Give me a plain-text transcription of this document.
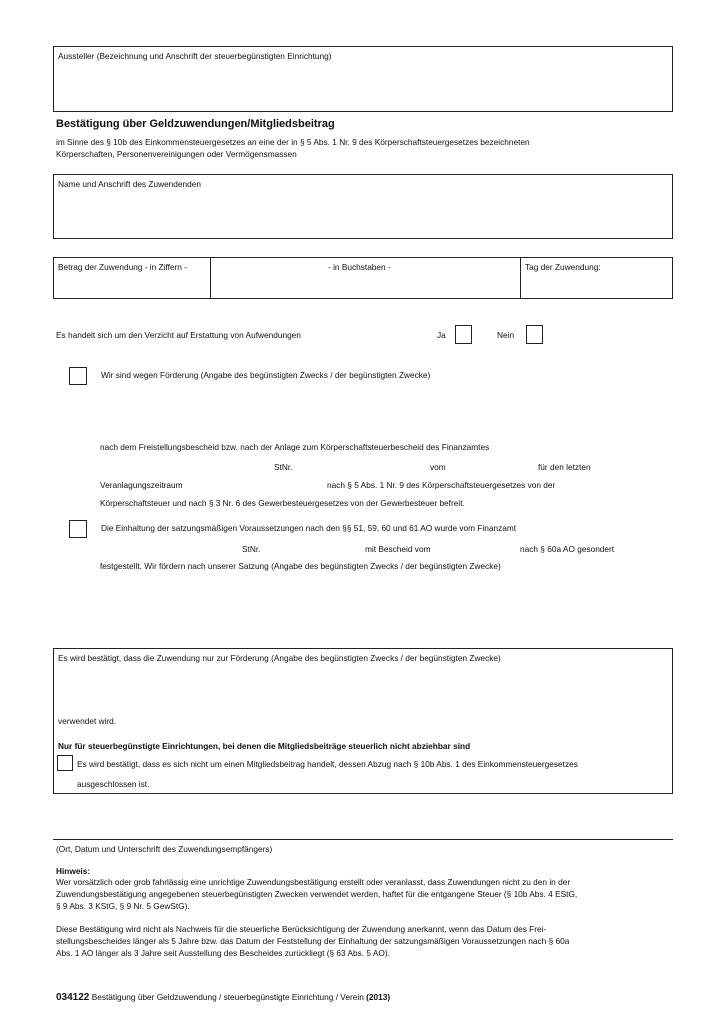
Aussteller (Bezeichnung und Anschrift der steuerbegünstigten Einrichtung)
Bestätigung über Geldzuwendungen/Mitgliedsbeitrag
im Sinne des § 10b des Einkommensteuergesetzes an eine der in § 5 Abs. 1 Nr. 9 des Körperschaftsteuergesetzes bezeichneten
Körperschaften, Personenvereinigungen oder Vermögensmassen
Name und Anschrift des Zuwendenden
Betrag der Zuwendung - in Ziffern -	- in Buchstaben -	Tag der Zuwendung:
Es handelt sich um den Verzicht auf Erstattung von Aufwendungen	Ja	Nein
Wir sind wegen Förderung (Angabe des begünstigten Zwecks / der begünstigten Zwecke)
nach dem Freistellungsbescheid bzw. nach der Anlage zum Körperschaftsteuerbescheid des Finanzamtes
StNr.	vom	für den letzten
Veranlagungszeitraum	nach § 5 Abs. 1 Nr. 9 des Körperschaftsteuergesetzes von der
Körperschaftsteuer und nach § 3 Nr. 6 des Gewerbesteuergesetzes von der Gewerbesteuer befreit.
Die Einhaltung der satzungsmäßigen Voraussetzungen nach den §§ 51, 59, 60 und 61 AO wurde vom Finanzamt
StNr.	mit Bescheid vom	nach § 60a AO gesondert
festgestellt. Wir fördern nach unserer Satzung (Angabe des begünstigten Zwecks / der begünstigten Zwecke)
Es wird bestätigt, dass die Zuwendung nur zur Förderung (Angabe des begünstigten Zwecks / der begünstigten Zwecke)
verwendet wird.
Nur für steuerbegünstigte Einrichtungen, bei denen die Mitgliedsbeiträge steuerlich nicht abziehbar sind
Es wird bestätigt, dass es sich nicht um einen Mitgliedsbeitrag handelt, dessen Abzug nach § 10b Abs. 1 des Einkommensteuergesetzes
ausgeschlossen ist.
(Ort, Datum und Unterschrift des Zuwendungsempfängers)
Hinweis:
Wer vorsätzlich oder grob fahrlässig eine unrichtige Zuwendungsbestätigung erstellt oder veranlasst, dass Zuwendungen nicht zu den in der
Zuwendungsbestätigung angegebenen steuerbegünstigten Zwecken verwendet werden, haftet für die entgangene Steuer (§ 10b Abs. 4 EStG,
§ 9 Abs. 3 KStG, § 9 Nr. 5 GewStG).
Diese Bestätigung wird nicht als Nachweis für die steuerliche Berücksichtigung der Zuwendung anerkannt, wenn das Datum des Frei-
stellungsbescheides länger als 5 Jahre bzw. das Datum der Feststellung der Einhaltung der satzungsmäßigen Voraussetzungen nach § 60a
Abs. 1 AO länger als 3 Jahre seit Ausstellung des Bescheides zurückliegt (§ 63 Abs. 5 AO).
034122 Bestätigung über Geldzuwendung / steuerbegünstigte Einrichtung / Verein (2013)
